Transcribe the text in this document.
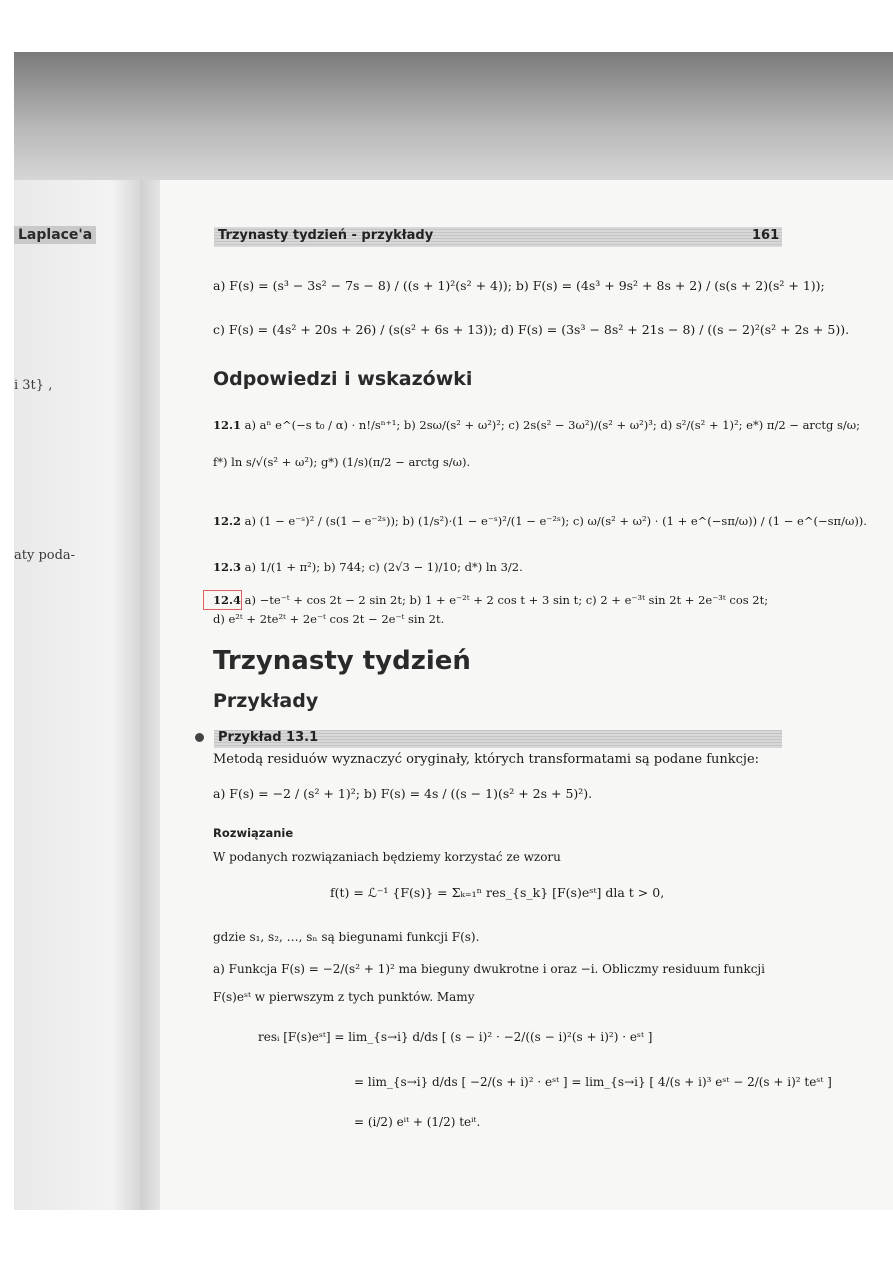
Laplace'a
i 3t} ,
aty poda-
Trzynasty tydzień - przykłady	161
a) F(s) = (s³ − 3s² − 7s − 8) / ((s + 1)²(s² + 4)); b) F(s) = (4s³ + 9s² + 8s + 2) / (s(s + 2)(s² + 1));
c) F(s) = (4s² + 20s + 26) / (s(s² + 6s + 13)); d) F(s) = (3s³ − 8s² + 21s − 8) / ((s − 2)²(s² + 2s + 5)).
Odpowiedzi i wskazówki
12.1 a) aⁿ e^(−s t₀ / α) · n!/sⁿ⁺¹; b) 2sω/(s² + ω²)²; c) 2s(s² − 3ω²)/(s² + ω²)³; d) s²/(s² + 1)²; e*) π/2 − arctg s/ω;
f*) ln s/√(s² + ω²); g*) (1/s)(π/2 − arctg s/ω).
12.2 a) (1 − e⁻ˢ)² / (s(1 − e⁻²ˢ)); b) (1/s²)·(1 − e⁻ˢ)²/(1 − e⁻²ˢ); c) ω/(s² + ω²) · (1 + e^(−sπ/ω)) / (1 − e^(−sπ/ω)).
12.3 a) 1/(1 + π²); b) 744; c) (2√3 − 1)/10; d*) ln 3/2.
12.4 a) −te⁻ᵗ + cos 2t − 2 sin 2t; b) 1 + e⁻²ᵗ + 2 cos t + 3 sin t; c) 2 + e⁻³ᵗ sin 2t + 2e⁻³ᵗ cos 2t;
d) e²ᵗ + 2te²ᵗ + 2e⁻ᵗ cos 2t − 2e⁻ᵗ sin 2t.
Trzynasty tydzień
Przykłady
Przykład 13.1
Metodą residuów wyznaczyć oryginały, których transformatami są podane funkcje:
a) F(s) = −2 / (s² + 1)²; b) F(s) = 4s / ((s − 1)(s² + 2s + 5)²).
Rozwiązanie
W podanych rozwiązaniach będziemy korzystać ze wzoru
f(t) = ℒ⁻¹ {F(s)} = Σₖ₌₁ⁿ res_{s_k} [F(s)eˢᵗ] dla t > 0,
gdzie s₁, s₂, …, sₙ są biegunami funkcji F(s).
a) Funkcja F(s) = −2/(s² + 1)² ma bieguny dwukrotne i oraz −i. Obliczmy residuum funkcji
F(s)eˢᵗ w pierwszym z tych punktów. Mamy
resᵢ [F(s)eˢᵗ] = lim_{s→i} d/ds [ (s − i)² · −2/((s − i)²(s + i)²) · eˢᵗ ]
= lim_{s→i} d/ds [ −2/(s + i)² · eˢᵗ ] = lim_{s→i} [ 4/(s + i)³ eˢᵗ − 2/(s + i)² teˢᵗ ]
= (i/2) eⁱᵗ + (1/2) teⁱᵗ.
